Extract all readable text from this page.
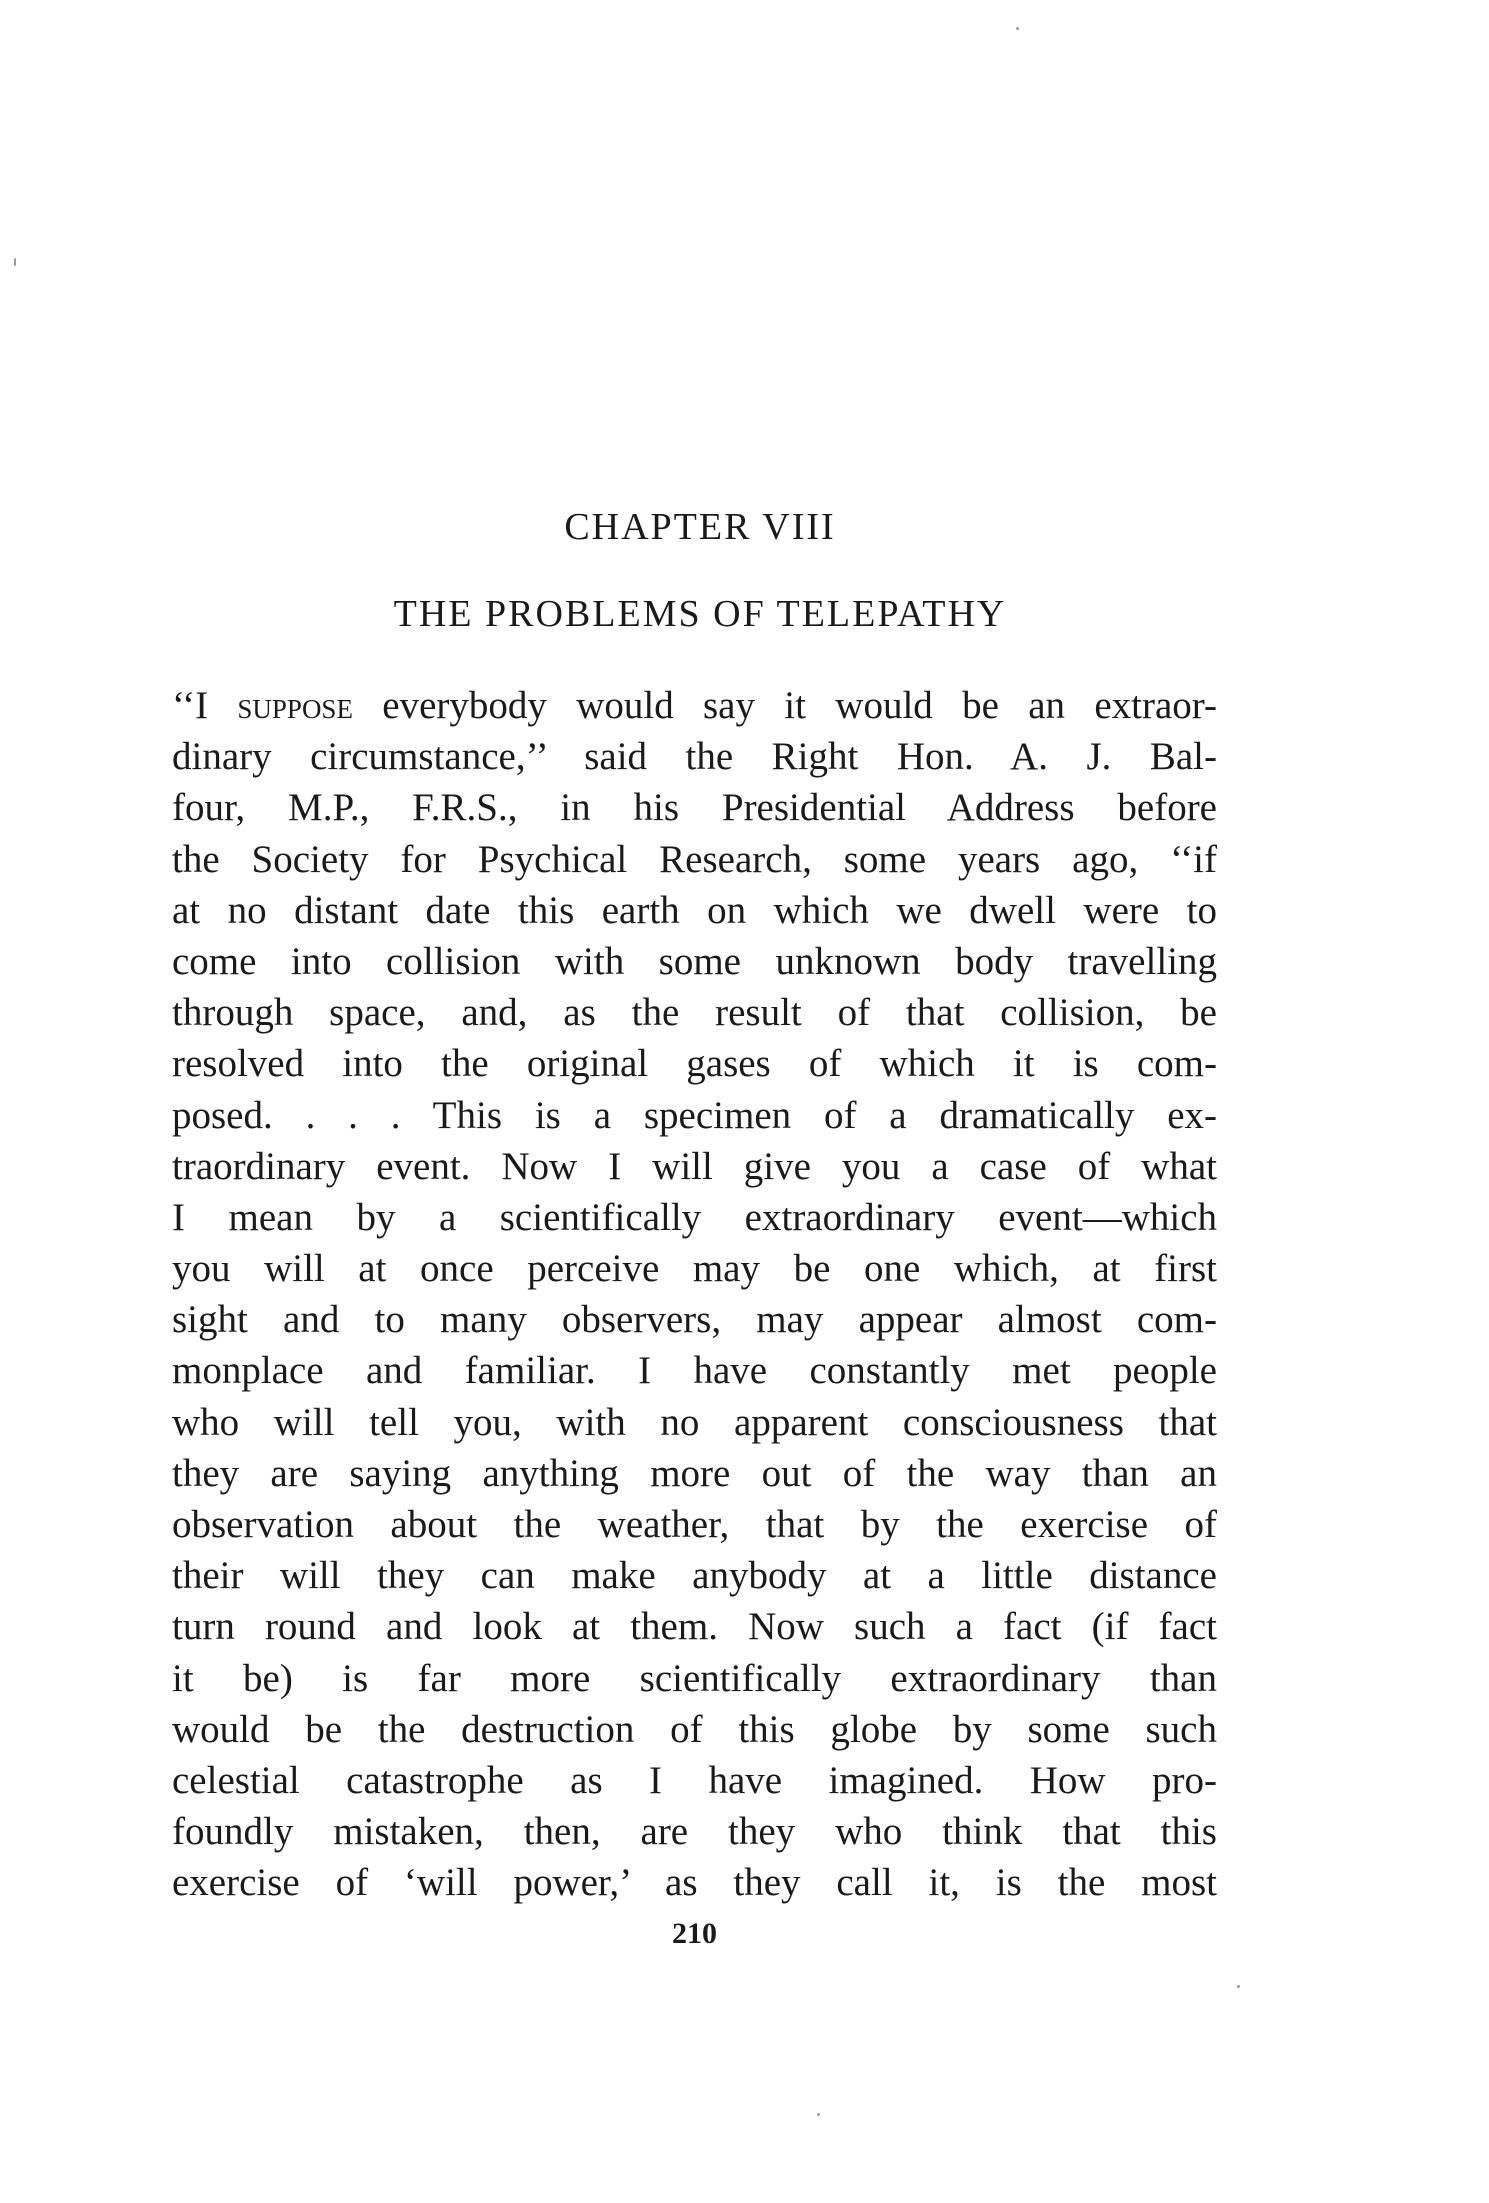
CHAPTER VIII
THE PROBLEMS OF TELEPATHY
‘‘I suppose everybody would say it would be an extraor-
dinary circumstance,’’ said the Right Hon. A. J. Bal-
four, M.P., F.R.S., in his Presidential Address before
the Society for Psychical Research, some years ago, ‘‘if
at no distant date this earth on which we dwell were to
come into collision with some unknown body travelling
through space, and, as the result of that collision, be
resolved into the original gases of which it is com-
posed. . . . This is a specimen of a dramatically ex-
traordinary event. Now I will give you a case of what
I mean by a scientifically extraordinary event—which
you will at once perceive may be one which, at first
sight and to many observers, may appear almost com-
monplace and familiar. I have constantly met people
who will tell you, with no apparent consciousness that
they are saying anything more out of the way than an
observation about the weather, that by the exercise of
their will they can make anybody at a little distance
turn round and look at them. Now such a fact (if fact
it be) is far more scientifically extraordinary than
would be the destruction of this globe by some such
celestial catastrophe as I have imagined. How pro-
foundly mistaken, then, are they who think that this
exercise of ‘will power,’ as they call it, is the most
210
